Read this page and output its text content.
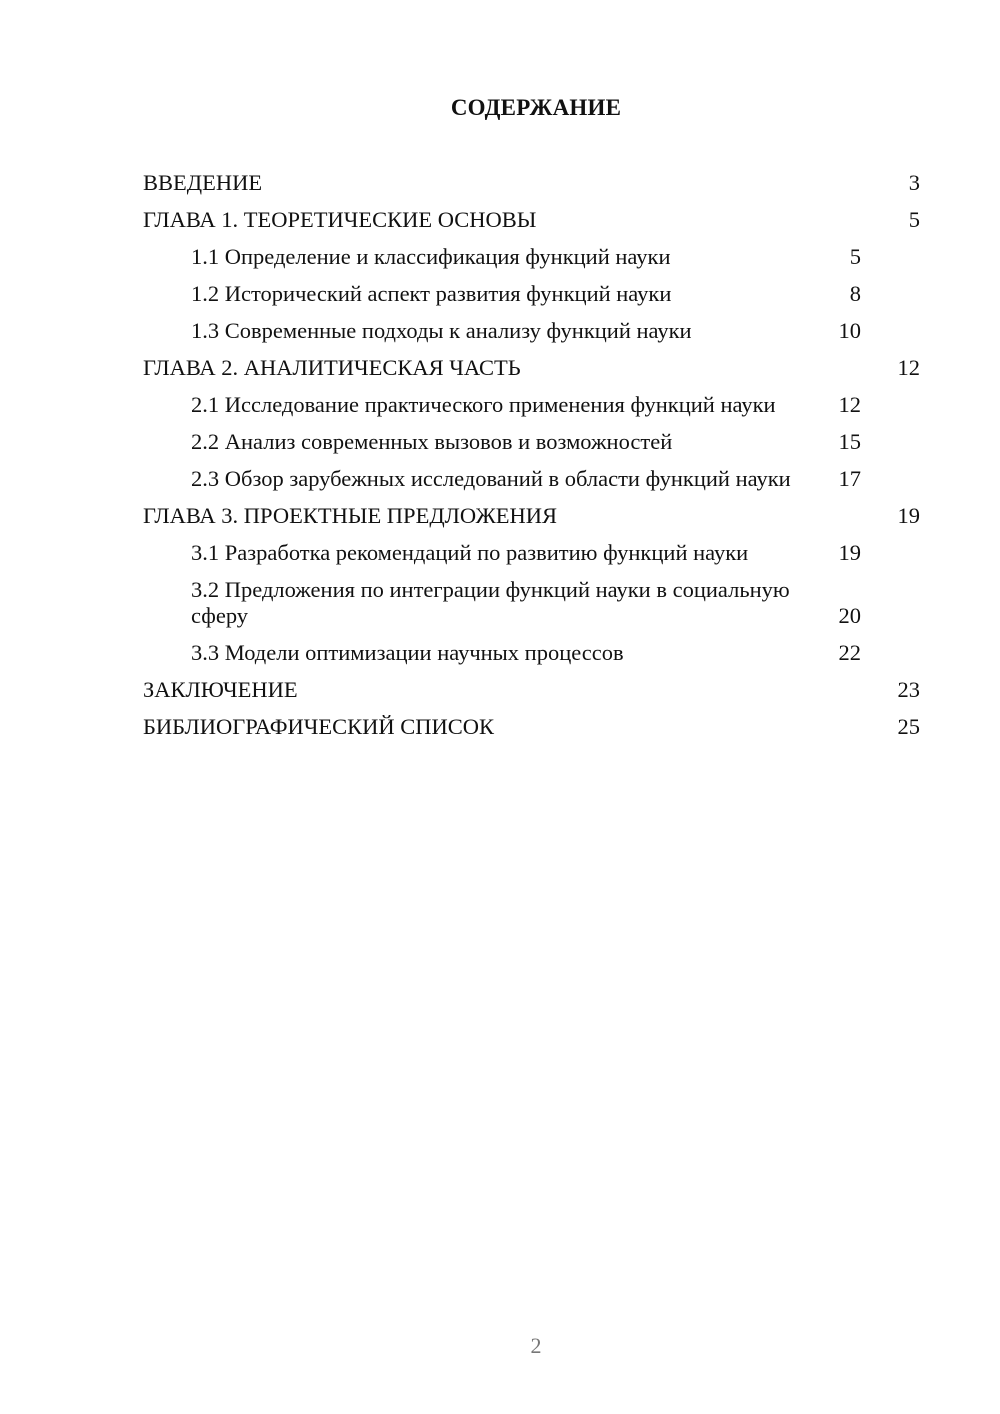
СОДЕРЖАНИЕ
ВВЕДЕНИЕ	3
ГЛАВА 1. ТЕОРЕТИЧЕСКИЕ ОСНОВЫ	5
1.1 Определение и классификация функций науки	5
1.2 Исторический аспект развития функций науки	8
1.3 Современные подходы к анализу функций науки	10
ГЛАВА 2. АНАЛИТИЧЕСКАЯ ЧАСТЬ	12
2.1 Исследование практического применения функций науки	12
2.2 Анализ современных вызовов и возможностей	15
2.3 Обзор зарубежных исследований в области функций науки	17
ГЛАВА 3. ПРОЕКТНЫЕ ПРЕДЛОЖЕНИЯ	19
3.1 Разработка рекомендаций по развитию функций науки	19
3.2 Предложения по интеграции функций науки в социальную сферу	20
3.3 Модели оптимизации научных процессов	22
ЗАКЛЮЧЕНИЕ	23
БИБЛИОГРАФИЧЕСКИЙ СПИСОК	25
2
